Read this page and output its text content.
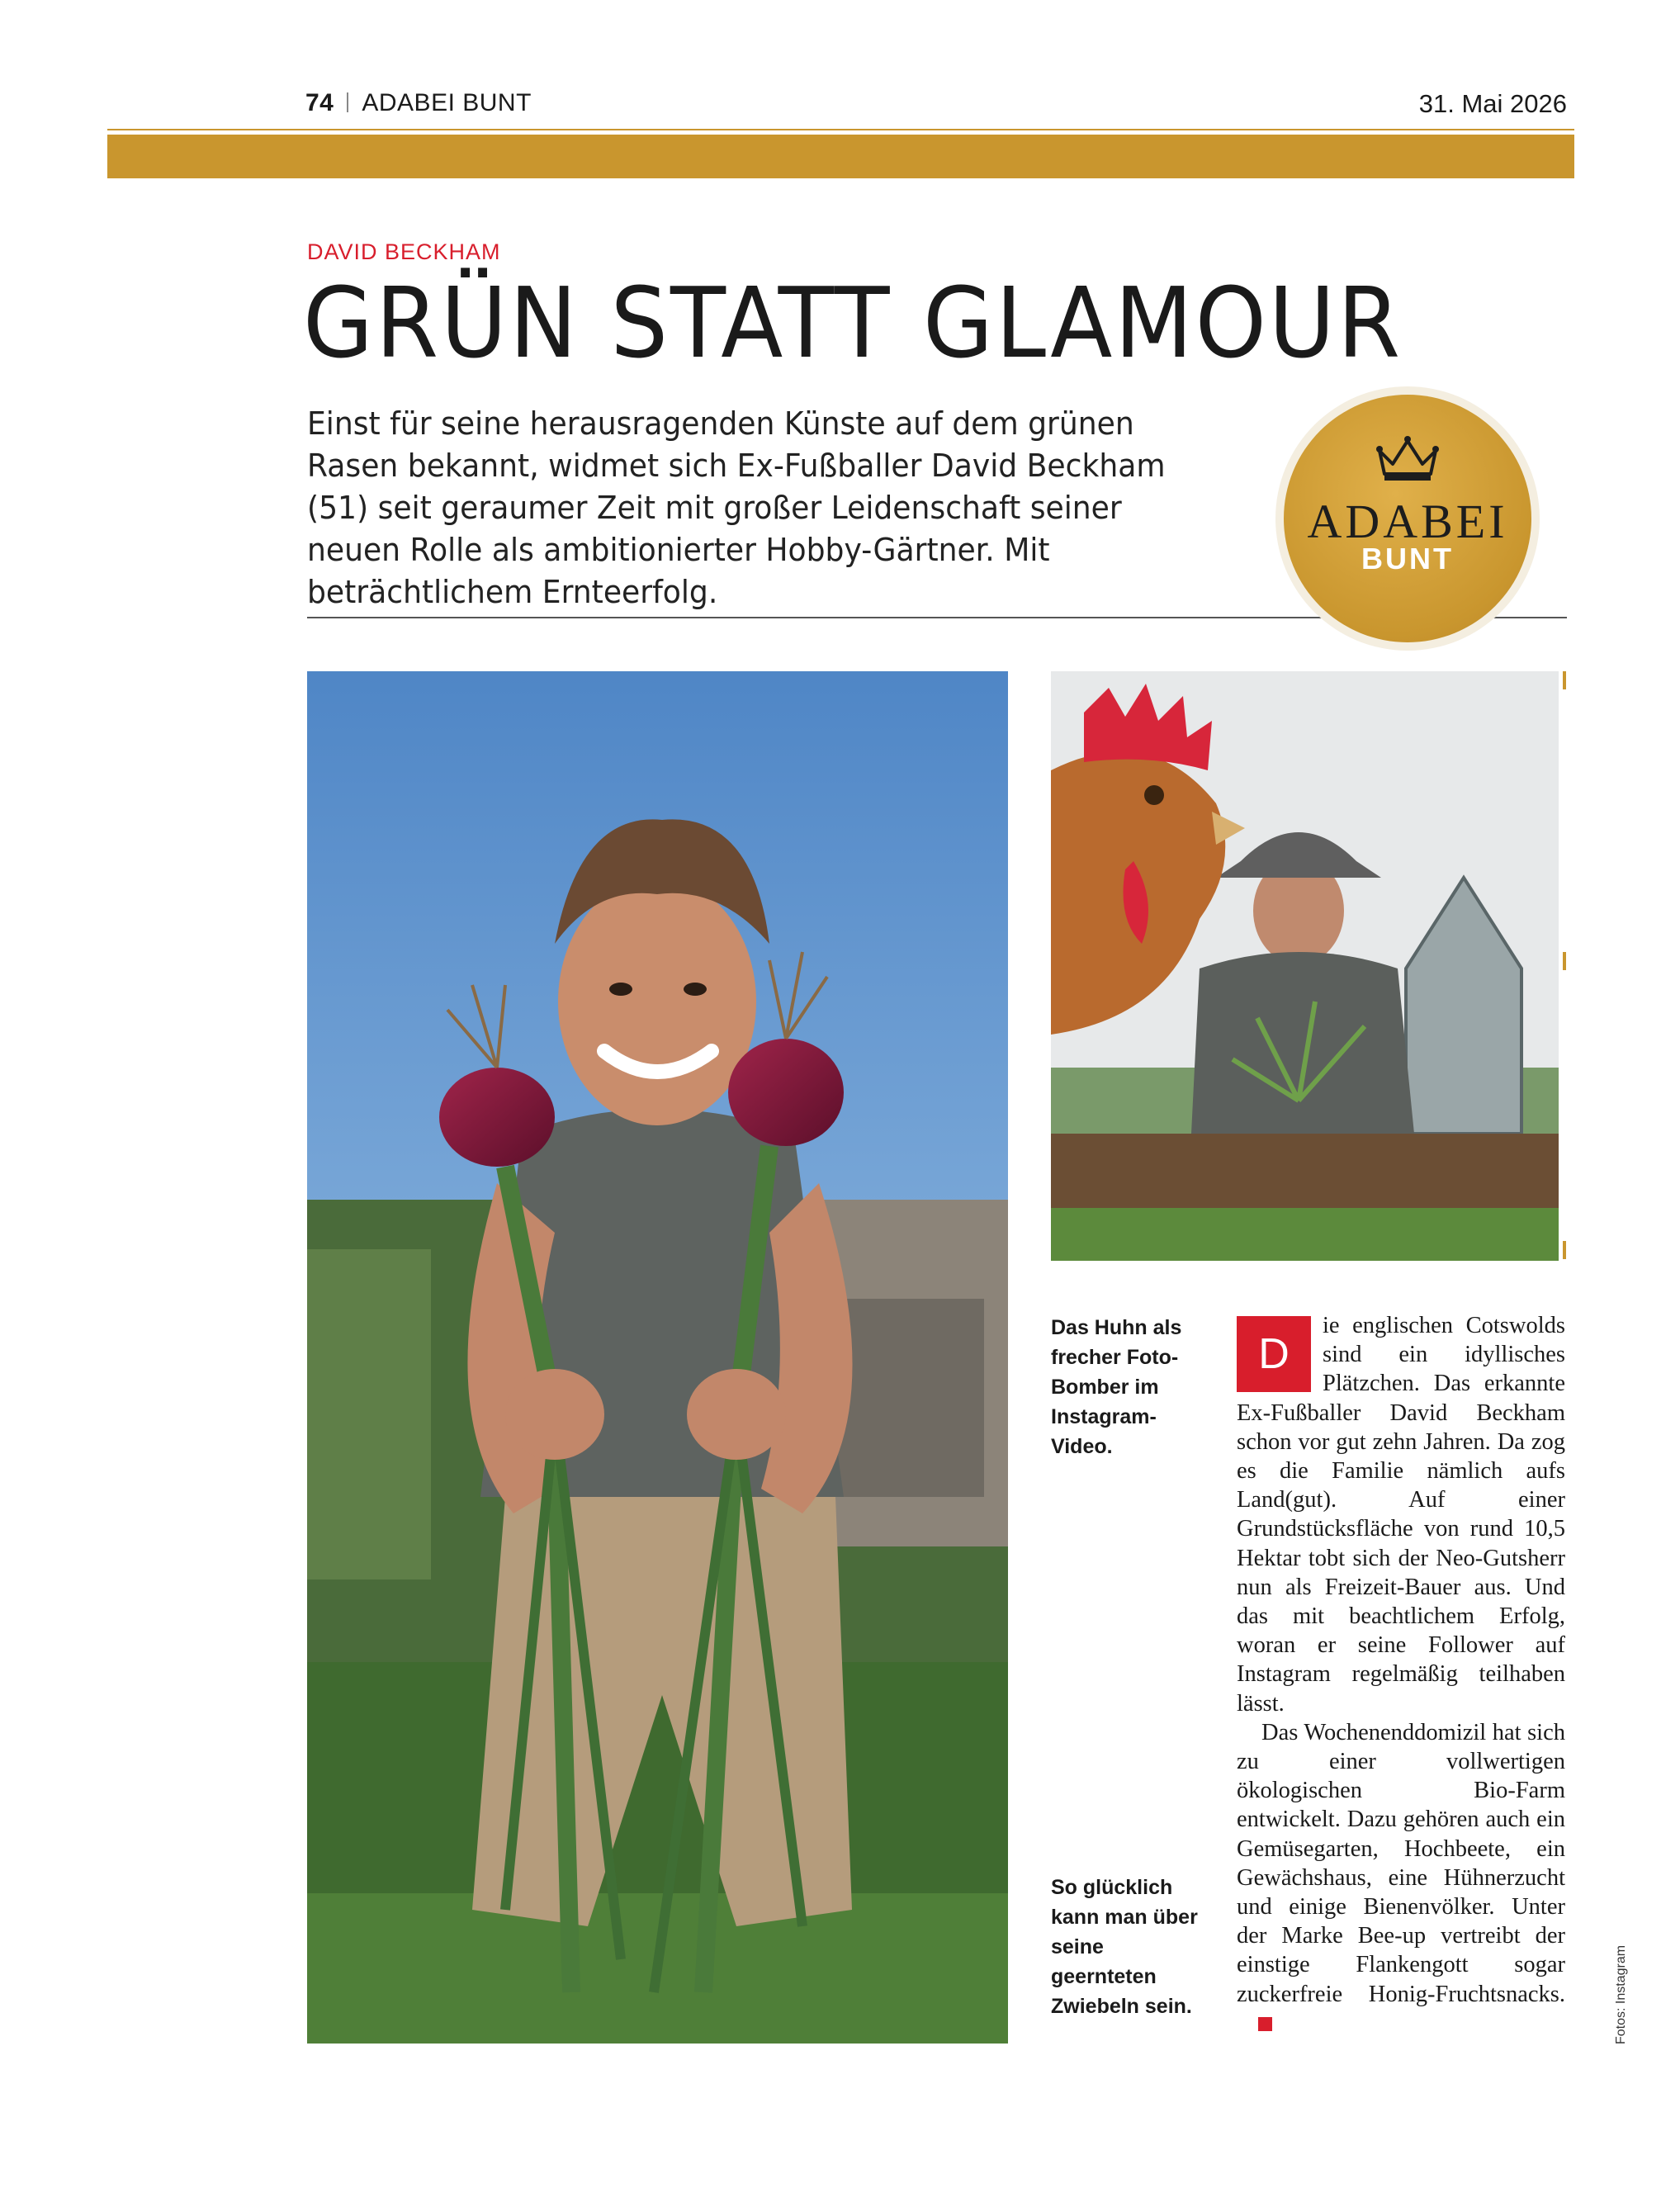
74 ADABEI BUNT	31. Mai 2026
DAVID BECKHAM
GRÜN STATT GLAMOUR
Einst für seine herausragenden Künste auf dem grünen Rasen bekannt, widmet sich Ex-Fußballer David Beckham (51) seit geraumer Zeit mit großer Leidenschaft seiner neuen Rolle als ambitionierter Hobby-Gärtner. Mit beträchtlichem Ernteerfolg.
ADABEI
BUNT
Das Huhn als frecher Foto-Bomber im Instagram-Video.
So glücklich kann man über seine geernteten Zwiebeln sein.

D
ie englischen Cotswolds sind ein idyllisches Plätzchen. Das erkannte Ex-Fußballer David Beckham schon vor gut zehn Jahren. Da zog es die Familie nämlich aufs Land(gut). Auf einer Grundstücksfläche von rund 10,5 Hektar tobt sich der Neo-Gutsherr nun als Freizeit-Bauer aus. Und das mit beachtlichem Erfolg, woran er seine Follower auf Instagram regelmäßig teilhaben lässt.

Das Wochenenddomizil hat sich zu einer vollwertigen ökologischen Bio-Farm entwickelt. Dazu gehören auch ein Gemüsegarten, Hochbeete, ein Gewächshaus, eine Hühnerzucht und einige Bienenvölker. Unter der Marke Bee-up vertreibt der einstige Flankengott sogar zuckerfreie Honig-Fruchtsnacks.	Fotos: Instagram
